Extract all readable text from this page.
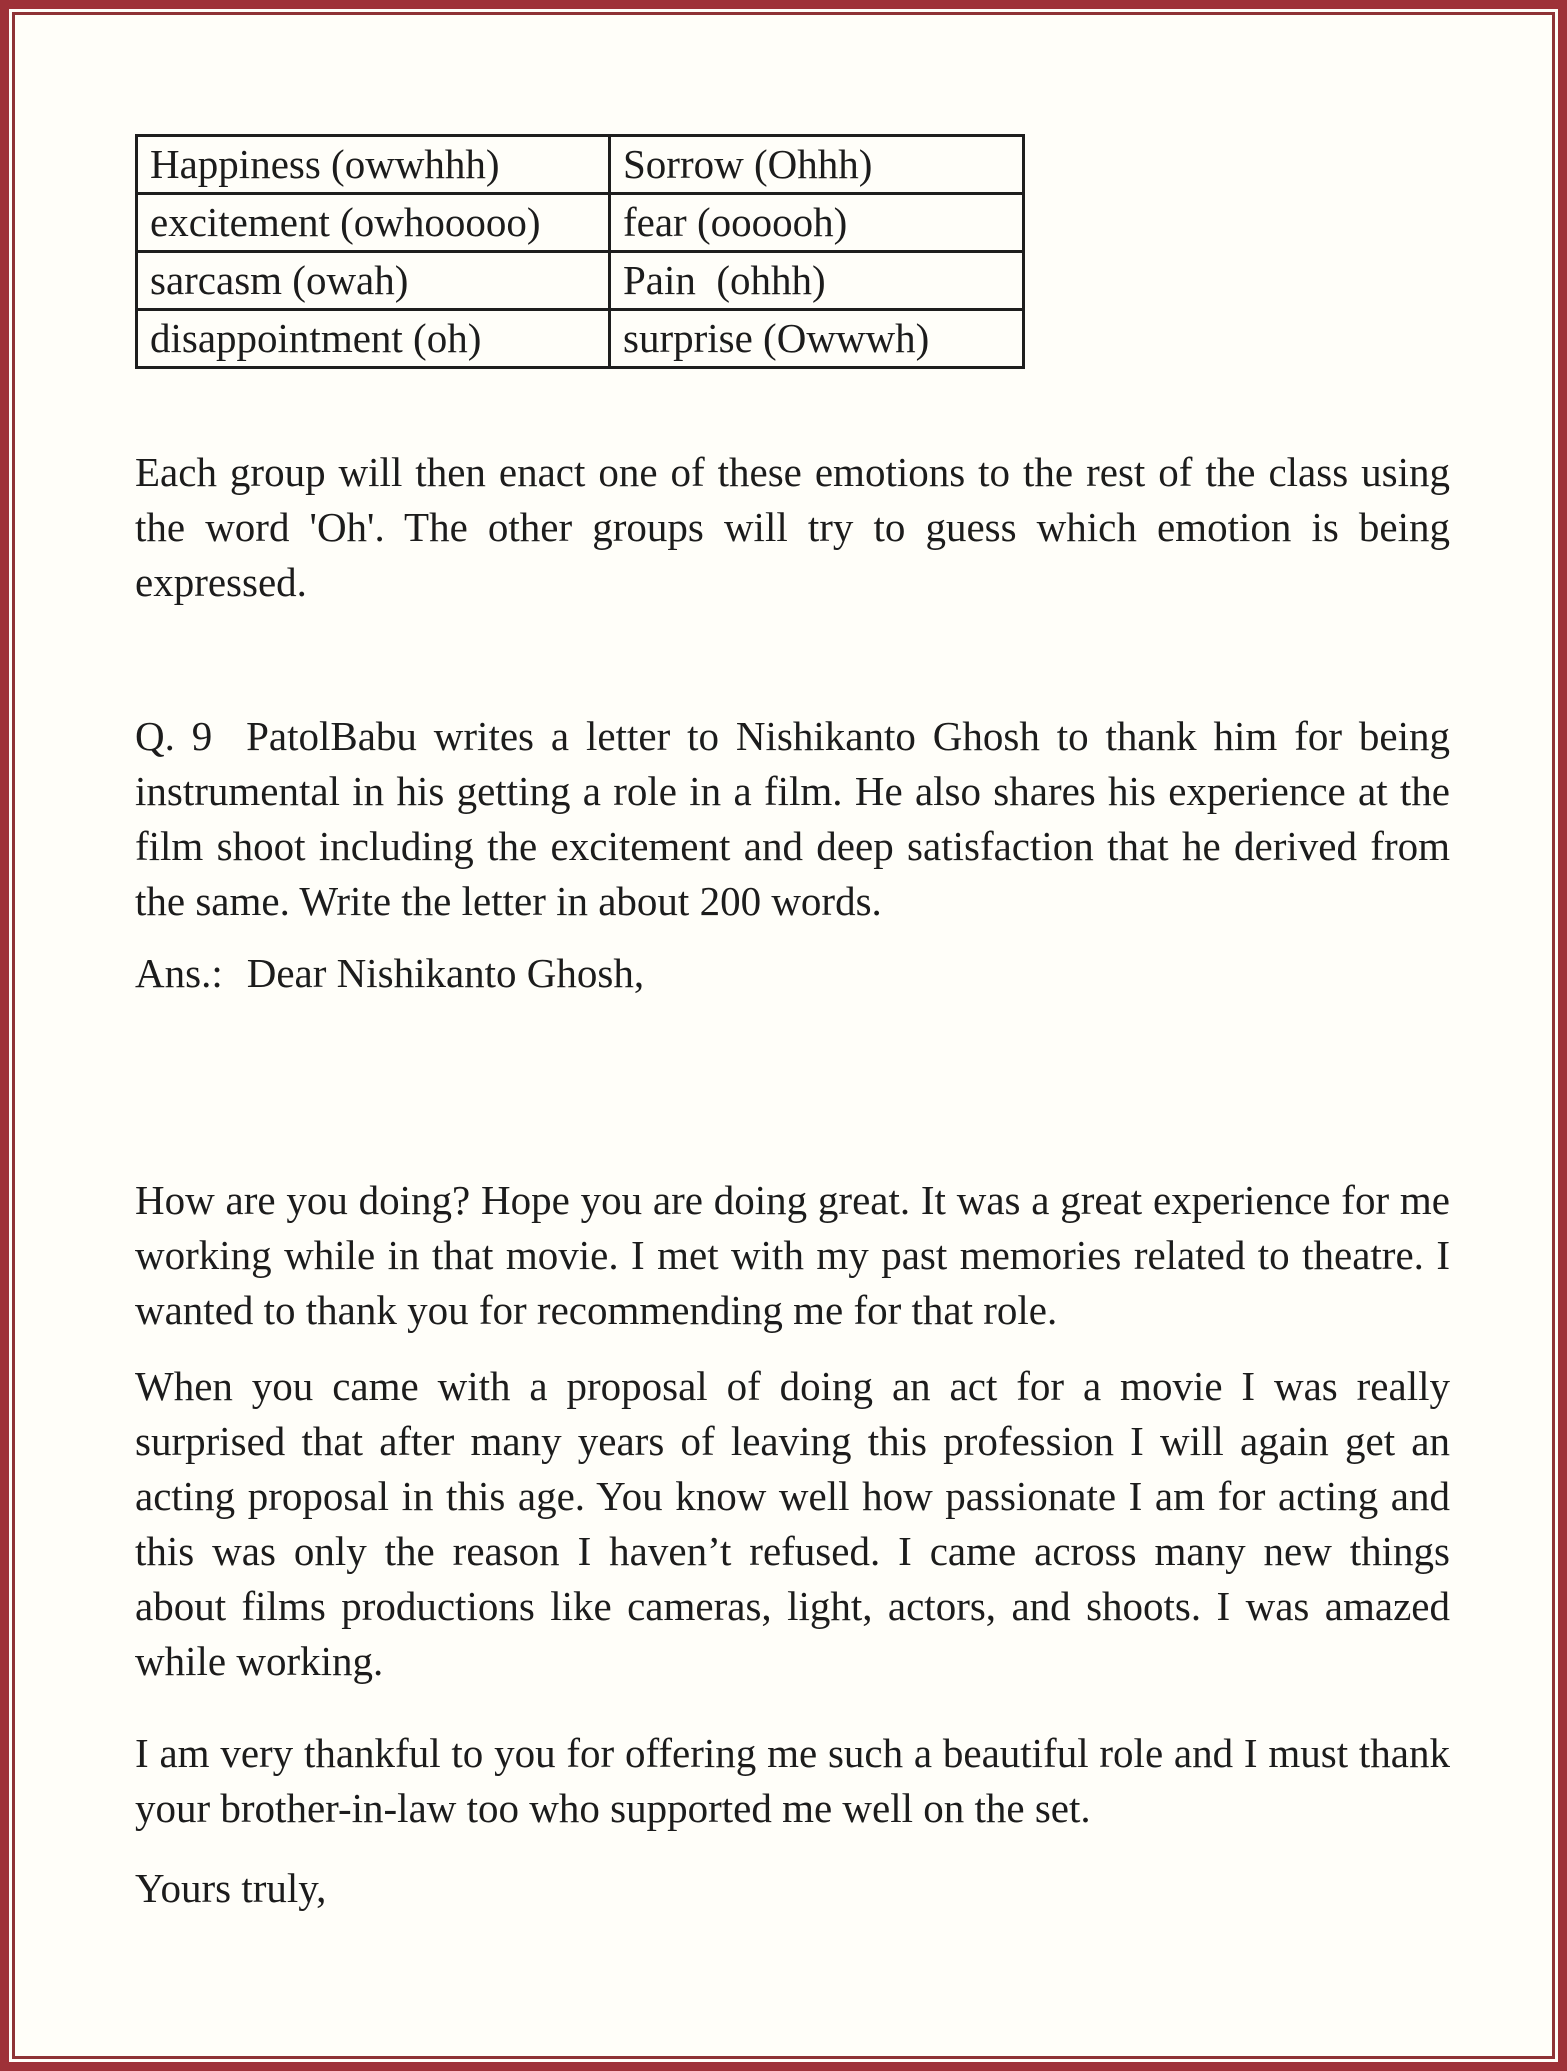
Happiness (owwhhh)	Sorrow (Ohhh)
excitement (owhooooo)	fear (oooooh)
sarcasm (owah)	Pain  (ohhh)
disappointment (oh)	surprise (Owwwh)

Each group will then enact one of these emotions to the rest of the class using the word 'Oh'. The other groups will try to guess which emotion is being expressed.

Q. 9  PatolBabu writes a letter to Nishikanto Ghosh to thank him for being instrumental in his getting a role in a film. He also shares his experience at the film shoot including the excitement and deep satisfaction that he derived from the same. Write the letter in about 200 words.

Ans.: Dear Nishikanto Ghosh,

How are you doing? Hope you are doing great. It was a great experience for me working while in that movie. I met with my past memories related to theatre. I wanted to thank you for recommending me for that role.

When you came with a proposal of doing an act for a movie I was really surprised that after many years of leaving this profession I will again get an acting proposal in this age. You know well how passionate I am for acting and this was only the reason I haven’t refused. I came across many new things about films productions like cameras, light, actors, and shoots. I was amazed while working.

I am very thankful to you for offering me such a beautiful role and I must thank your brother-in-law too who supported me well on the set.

Yours truly,
